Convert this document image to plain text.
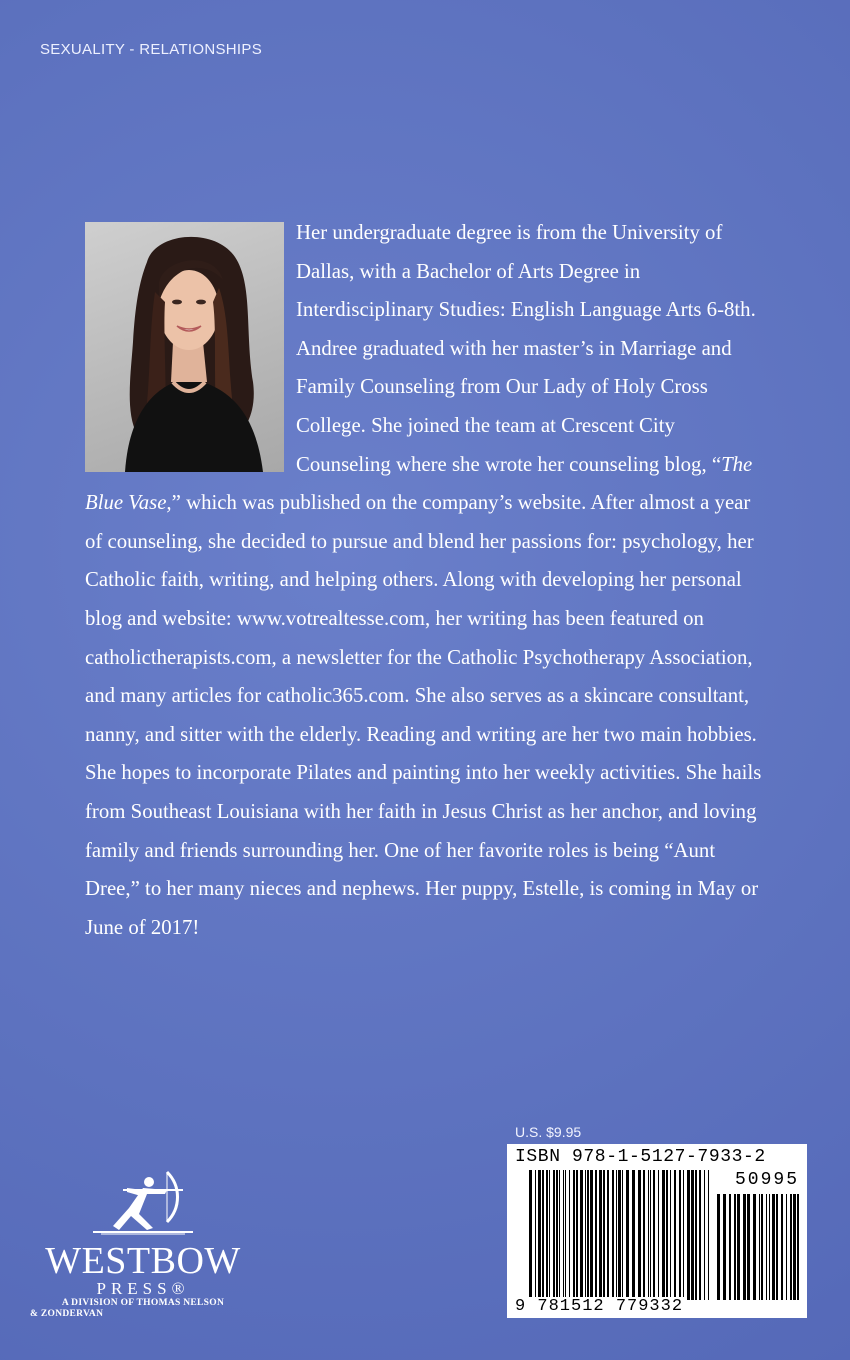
SEXUALITY - RELATIONSHIPS

Her undergraduate degree is from the University of Dallas, with a Bachelor of Arts Degree in Interdisciplinary Studies: English Language Arts 6-8th. Andree graduated with her master’s in Marriage and Family Counseling from Our Lady of Holy Cross College. She joined the team at Crescent City Counseling where she wrote her counseling blog, “The Blue Vase,” which was published on the company’s website. After almost a year of counseling, she decided to pursue and blend her passions for: psychology, her Catholic faith, writing, and helping others. Along with developing her personal blog and website: www.votrealtesse.com, her writing has been featured on catholictherapists.com, a newsletter for the Catholic Psychotherapy Association, and many articles for catholic365.com. She also serves as a skincare consultant, nanny, and sitter with the elderly. Reading and writing are her two main hobbies. She hopes to incorporate Pilates and painting into her weekly activities. She hails from Southeast Louisiana with her faith in Jesus Christ as her anchor, and loving family and friends surrounding her. One of her favorite roles is being “Aunt Dree,” to her many nieces and nephews. Her puppy, Estelle, is coming in May or June of 2017!

U.S. $9.95
ISBN 978-1-5127-7933-2
50995
9 781512 779332
WESTBOW
PRESS®
A DIVISION OF THOMAS NELSON
& ZONDERVAN
